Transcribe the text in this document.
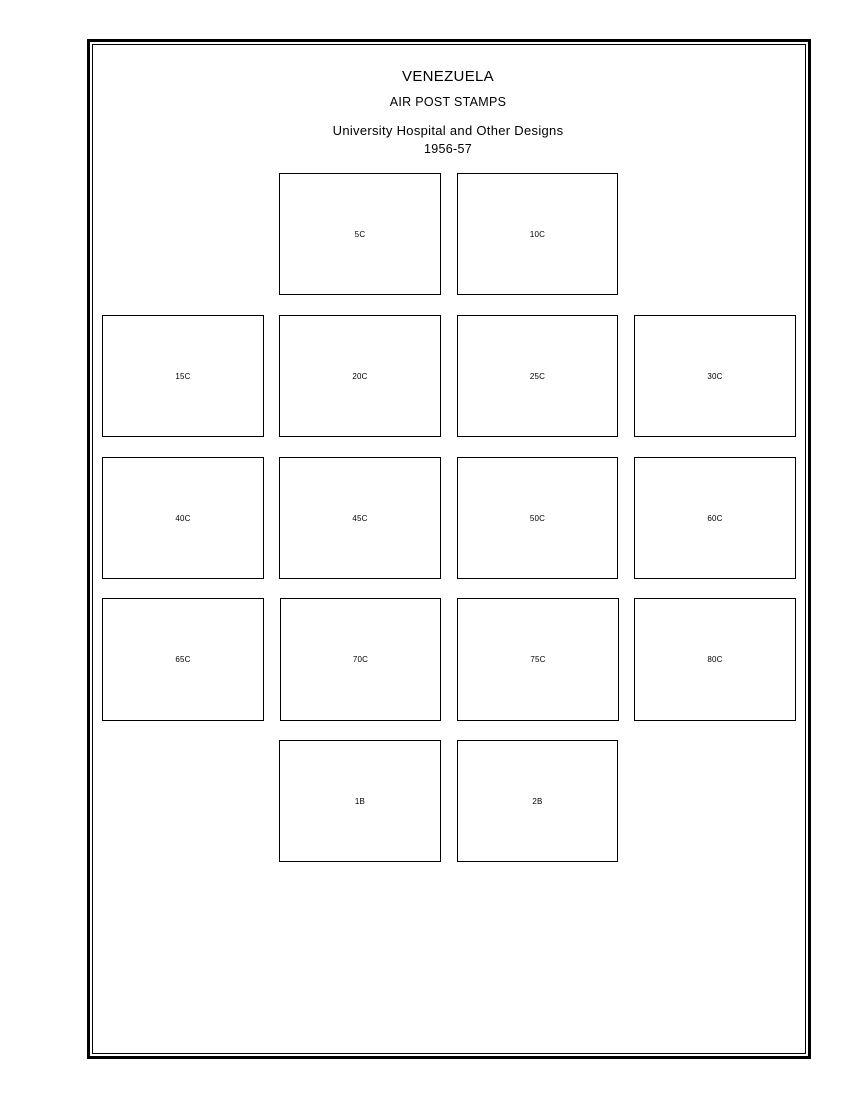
VENEZUELA
AIR POST STAMPS
University Hospital and Other Designs
1956-57
5C	10C
15C	20C	25C	30C
40C	45C	50C	60C
65C	70C	75C	80C
1B	2B
